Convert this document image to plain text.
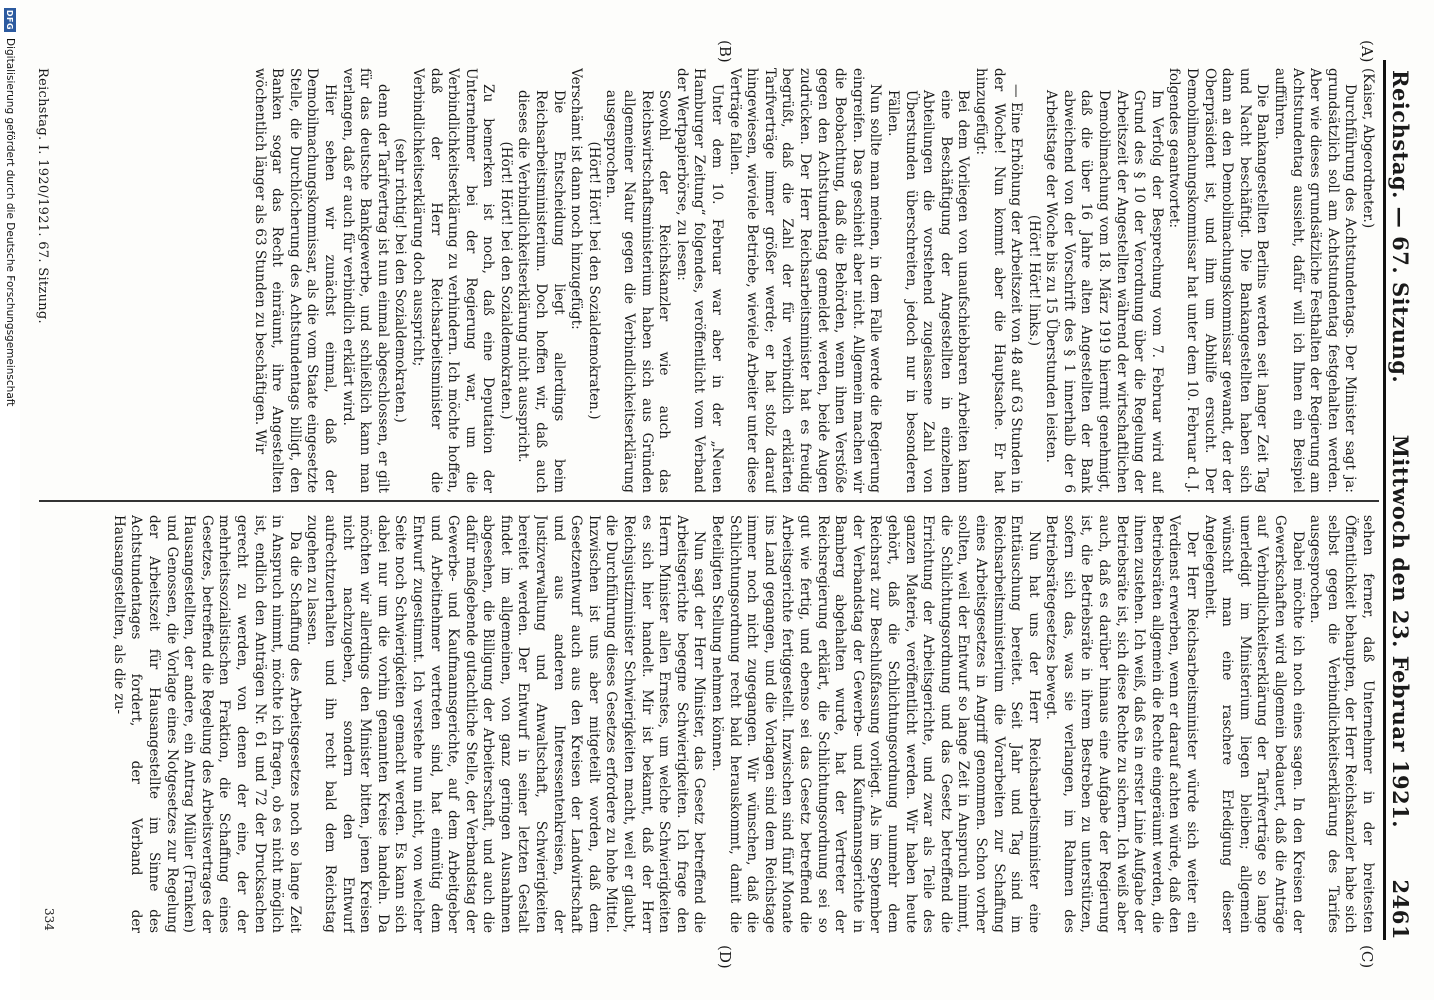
Reichstag. — 67. Sitzung.
Mittwoch den 23. Februar 1921.
2461

(Kaiser, Abgeordneter.)

Durchführung des Achtstundentags. Der Minister sagt ja: grundsätzlich soll am Achtstundentag festgehalten werden. Aber wie dieses grundsätzliche Festhalten der Regierung am Achtstundentag aussieht, dafür will ich Ihnen ein Beispiel aufführen.

Die Bankangestellten Berlins werden seit langer Zeit Tag und Nacht beschäftigt. Die Bankangestellten haben sich dann an den Demobilmachungskommissar gewandt, der der Oberpräsident ist, und ihm um Abhilfe ersucht. Der Demobilmachungskommissar hat unter dem 10. Februar d. J. folgendes geantwortet:

Im Verfolg der Besprechung vom 7. Februar wird auf Grund des § 10 der Verordnung über die Regelung der Arbeitszeit der Angestellten während der wirtschaftlichen Demobilmachung vom 18. März 1919 hiermit genehmigt, daß die über 16 Jahre alten Angestellten der Bank abweichend von der Vorschrift des § 1 innerhalb der 6 Arbeitstage der Woche bis zu 15 Überstunden leisten.

(Hört! Hört! links.)

— Eine Erhöhung der Arbeitszeit von 48 auf 63 Stunden in der Woche! Nun kommt aber die Hauptsache. Er hat hinzugefügt:

Bei dem Vorliegen von unaufschiebbaren Arbeiten kann eine Beschäftigung der Angestellten in einzelnen Abteilungen die vorstehend zugelassene Zahl von Überstunden überschreiten, jedoch nur in besonderen Fällen.

Nun sollte man meinen, in dem Falle werde die Regierung eingreifen. Das geschieht aber nicht. Allgemein machen wir die Beobachtung, daß die Behörden, wenn ihnen Verstöße gegen den Achtstundentag gemeldet werden, beide Augen zudrücken. Der Herr Reichsarbeitsminister hat es freudig begrüßt, daß die Zahl der für verbindlich erklärten Tarifverträge immer größer werde; er hat stolz darauf hingewiesen, wieviele Betriebe, wieviele Arbeiter unter diese Verträge fallen.

Unter dem 10. Februar war aber in der „Neuen Hamburger Zeitung“ folgendes, veröffentlicht vom Verband der Wertpapierbörse, zu lesen:

Sowohl der Reichskanzler wie auch das Reichswirtschaftsministerium haben sich aus Gründen allgemeiner Natur gegen die Verbindlichkeitserklärung ausgesprochen.

(Hört! Hört! bei den Sozialdemokraten.)

Verschämt ist dann noch hinzugefügt:

Die Entscheidung liegt allerdings beim Reichsarbeitsministerium. Doch hoffen wir, daß auch dieses die Verbindlichkeitserklärung nicht ausspricht.

(Hört! Hört! bei den Sozialdemokraten.)

Zu bemerken ist noch, daß eine Deputation der Unternehmer bei der Regierung war, um die Verbindlichkeitserklärung zu verhindern. Ich möchte hoffen, daß der Herr Reichsarbeitsminister die Verbindlichkeitserklärung doch ausspricht;

(sehr richtig! bei den Sozialdemokraten.)

denn der Tarifvertrag ist nun einmal abgeschlossen, er gilt für das deutsche Bankgewerbe, und schließlich kann man verlangen, daß er auch für verbindlich erklärt wird.

Hier sehen wir zunächst einmal, daß der Demobilmachungskommissar, als die vom Staate eingesetzte Stelle, die Durchlöcherung des Achtstundentags billigt, den Banken sogar das Recht einräumt, ihre Angestellten wöchentlich länger als 63 Stunden zu beschäftigen. Wir

sehen ferner, daß Unternehmer in der breitesten Öffentlichkeit behaupten, der Herr Reichskanzler habe sich selbst gegen die Verbindlichkeitserklärung des Tarifes ausgesprochen.

Dabei möchte ich noch eines sagen. In den Kreisen der Gewerkschaften wird allgemein bedauert, daß die Anträge auf Verbindlichkeitserklärung der Tarifverträge so lange unerledigt im Ministerium liegen bleiben; allgemein wünscht man eine raschere Erledigung dieser Angelegenheit.

Der Herr Reichsarbeitsminister würde sich weiter ein Verdienst erwerben, wenn er darauf achten würde, daß den Betriebsräten allgemein die Rechte eingeräumt werden, die ihnen zustehen. Ich weiß, daß es in erster Linie Aufgabe der Betriebsräte ist, sich diese Rechte zu sichern. Ich weiß aber auch, daß es darüber hinaus eine Aufgabe der Regierung ist, die Betriebsräte in ihrem Bestreben zu unterstützen, sofern sich das, was sie verlangen, im Rahmen des Betriebsrätegesetzes bewegt.

Nun hat uns der Herr Reichsarbeitsminister eine Enttäuschung bereitet. Seit Jahr und Tag sind im Reichsarbeitsministerium die Vorarbeiten zur Schaffung eines Arbeitsgesetzes in Angriff genommen. Schon vorher sollten, weil der Entwurf so lange Zeit in Anspruch nimmt, die Schlichtungsordnung und das Gesetz betreffend die Errichtung der Arbeitsgerichte, und zwar als Teile des ganzen Materie, veröffentlicht werden. Wir haben heute gehört, daß die Schlichtungsordnung nunmehr dem Reichsrat zur Beschlußfassung vorliegt. Als im September der Verbandstag der Gewerbe- und Kaufmannsgerichte in Bamberg abgehalten wurde, hat der Vertreter der Reichsregierung erklärt, die Schlichtungsordnung sei so gut wie fertig, und ebenso sei das Gesetz betreffend die Arbeitsgerichte fertiggestellt. Inzwischen sind fünf Monate ins Land gegangen, und die Vorlagen sind dem Reichstage immer noch nicht zugegangen. Wir wünschen, daß die Schlichtungsordnung recht bald herauskommt, damit die Beteiligten Stellung nehmen können.

Nun sagt der Herr Minister, das Gesetz betreffend die Arbeitsgerichte begegne Schwierigkeiten. Ich frage den Herrn Minister allen Ernstes, um welche Schwierigkeiten es sich hier handelt. Mir ist bekannt, daß der Herr Reichsjustizminister Schwierigkeiten macht, weil er glaubt, die Durchführung dieses Gesetzes erfordere zu hohe Mittel. Inzwischen ist uns aber mitgeteilt worden, daß dem Gesetzentwurf auch aus den Kreisen der Landwirtschaft und aus anderen Interessentenkreisen, der Justizverwaltung und Anwaltschaft, Schwierigkeiten bereitet werden. Der Entwurf in seiner letzten Gestalt findet im allgemeinen, von ganz geringen Ausnahmen abgesehen, die Billigung der Arbeiterschaft, und auch die dafür maßgebende gutachtliche Stelle, der Verbandstag der Gewerbe- und Kaufmannsgerichte, auf dem Arbeitgeber und Arbeitnehmer vertreten sind, hat einmütig dem Entwurf zugestimmt. Ich verstehe nun nicht, von welcher Seite noch Schwierigkeiten gemacht werden. Es kann sich dabei nur um die vorhin genannten Kreise handeln. Da möchten wir allerdings den Minister bitten, jenen Kreisen nicht nachzugeben, sondern den Entwurf aufrechtzuerhalten und ihn recht bald dem Reichstag zugehen zu lassen.

Da die Schaffung des Arbeitsgesetzes noch so lange Zeit in Anspruch nimmt, möchte ich fragen, ob es nicht möglich ist, endlich den Anträgen Nr. 61 und 72 der Drucksachen gerecht zu werden, von denen der eine, der der mehrheitssozialistischen Fraktion, die Schaffung eines Gesetzes, betreffend die Regelung des Arbeitsvertrages der Hausangestellten, der andere, ein Antrag Müller (Franken) und Genossen, die Vorlage eines Notgesetzes zur Regelung der Arbeitszeit für Hausangestellte im Sinne des Achtstundentages fordert, der Verband der Hausangestellten, als die zu-

(A)
(B)
(C)
(D)
Reichstag. I. 1920/1921. 67. Sitzung.
334
DFG
Digitalisierung gefördert durch die Deutsche Forschungsgemeinschaft
